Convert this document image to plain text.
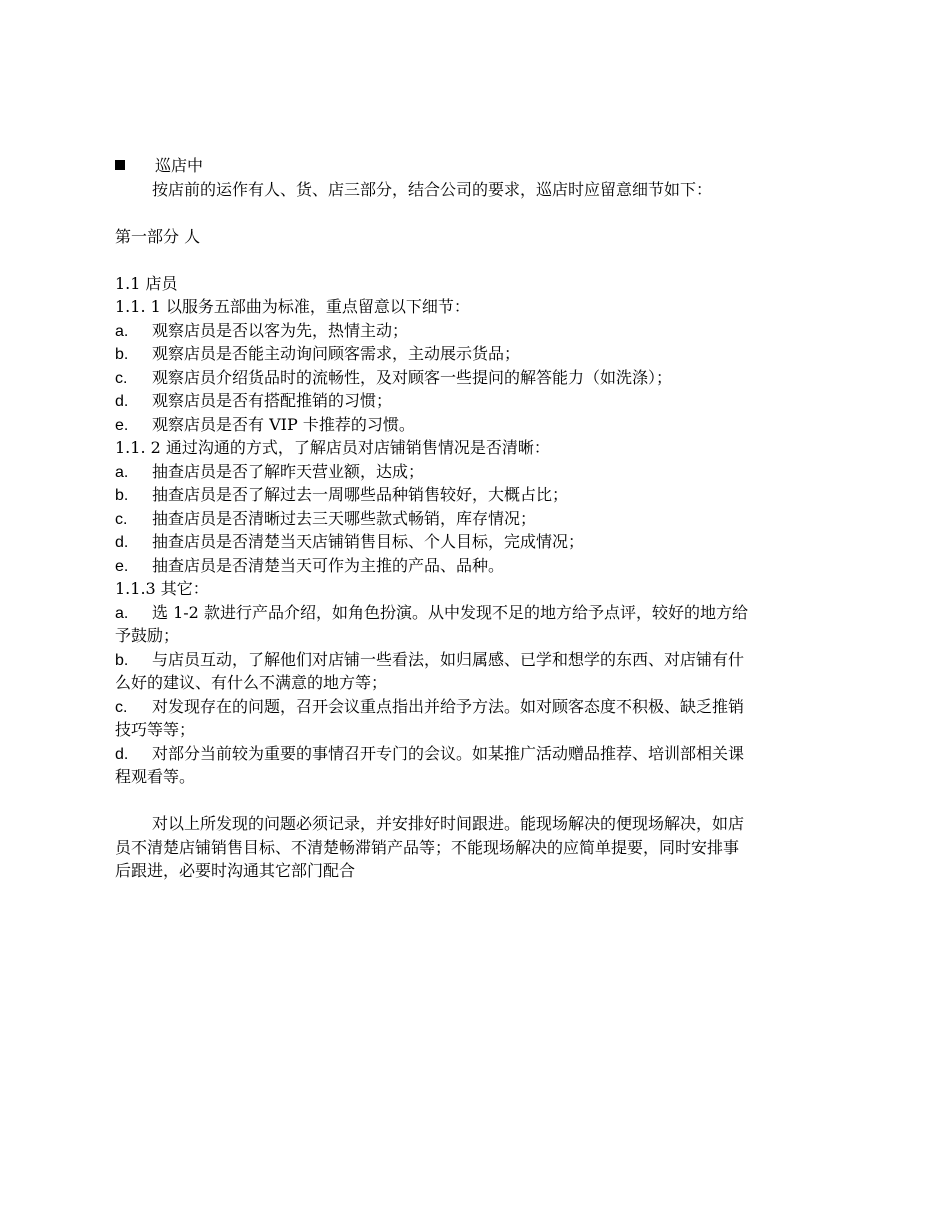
巡店中
按店前的运作有人、货、店三部分，结合公司的要求，巡店时应留意细节如下：
第一部分 人
1.1 店员
1.1. 1 以服务五部曲为标准，重点留意以下细节：
a. 观察店员是否以客为先，热情主动；
b. 观察店员是否能主动询问顾客需求，主动展示货品；
c. 观察店员介绍货品时的流畅性，及对顾客一些提问的解答能力（如洗涤）；
d. 观察店员是否有搭配推销的习惯；
e. 观察店员是否有 VIP 卡推荐的习惯。
1.1. 2 通过沟通的方式，了解店员对店铺销售情况是否清晰：
a. 抽查店员是否了解昨天营业额，达成；
b. 抽查店员是否了解过去一周哪些品种销售较好，大概占比；
c. 抽查店员是否清晰过去三天哪些款式畅销，库存情况；
d. 抽查店员是否清楚当天店铺销售目标、个人目标，完成情况；
e. 抽查店员是否清楚当天可作为主推的产品、品种。
1.1.3 其它：
a. 选 1-2 款进行产品介绍，如角色扮演。从中发现不足的地方给予点评，较好的地方给
予鼓励；
b. 与店员互动，了解他们对店铺一些看法，如归属感、已学和想学的东西、对店铺有什
么好的建议、有什么不满意的地方等；
c. 对发现存在的问题，召开会议重点指出并给予方法。如对顾客态度不积极、缺乏推销
技巧等等；
d. 对部分当前较为重要的事情召开专门的会议。如某推广活动赠品推荐、培训部相关课
程观看等。
对以上所发现的问题必须记录，并安排好时间跟进。能现场解决的便现场解决，如店
员不清楚店铺销售目标、不清楚畅滞销产品等；不能现场解决的应简单提要，同时安排事
后跟进，必要时沟通其它部门配合
